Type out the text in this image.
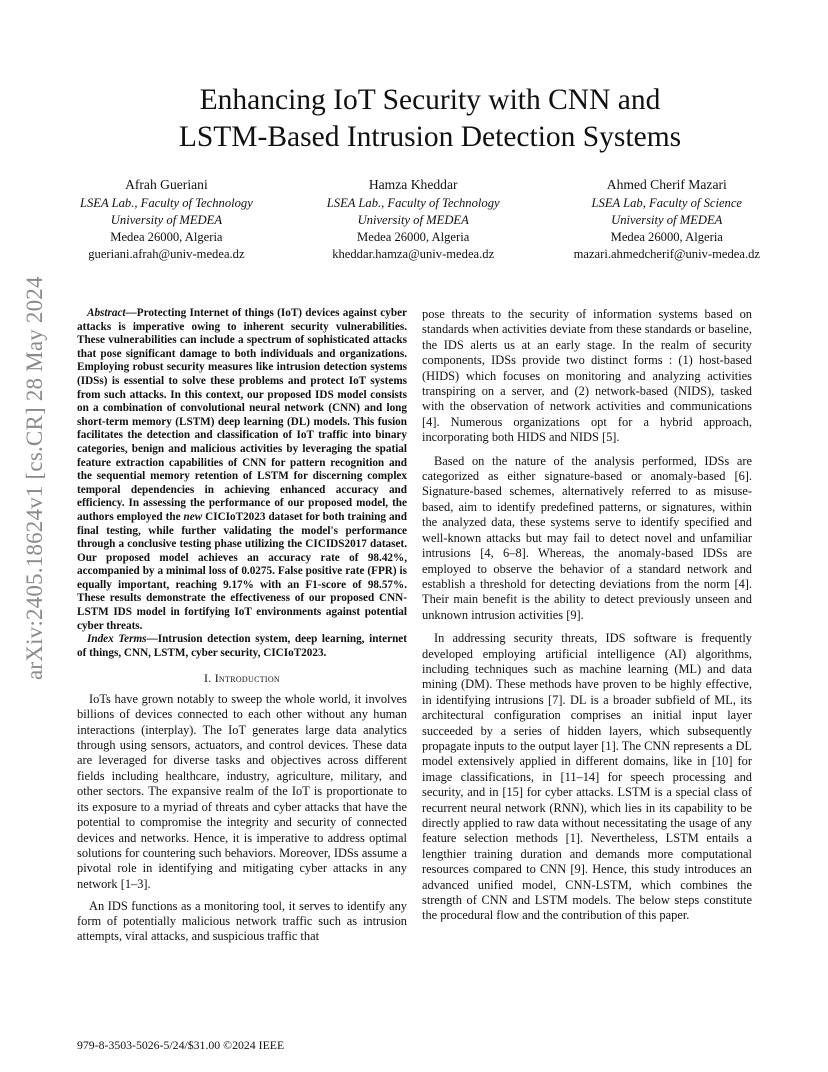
arXiv:2405.18624v1 [cs.CR] 28 May 2024
Enhancing IoT Security with CNN and
LSTM-Based Intrusion Detection Systems
Afrah Gueriani
LSEA Lab., Faculty of Technology
University of MEDEA
Medea 26000, Algeria
gueriani.afrah@univ-medea.dz
Hamza Kheddar
LSEA Lab., Faculty of Technology
University of MEDEA
Medea 26000, Algeria
kheddar.hamza@univ-medea.dz
Ahmed Cherif Mazari
LSEA Lab, Faculty of Science
University of MEDEA
Medea 26000, Algeria
mazari.ahmedcherif@univ-medea.dz

Abstract—Protecting Internet of things (IoT) devices against cyber attacks is imperative owing to inherent security vulnerabilities. These vulnerabilities can include a spectrum of sophisticated attacks that pose significant damage to both individuals and organizations. Employing robust security measures like intrusion detection systems (IDSs) is essential to solve these problems and protect IoT systems from such attacks. In this context, our proposed IDS model consists on a combination of convolutional neural network (CNN) and long short-term memory (LSTM) deep learning (DL) models. This fusion facilitates the detection and classification of IoT traffic into binary categories, benign and malicious activities by leveraging the spatial feature extraction capabilities of CNN for pattern recognition and the sequential memory retention of LSTM for discerning complex temporal dependencies in achieving enhanced accuracy and efficiency. In assessing the performance of our proposed model, the authors employed the new CICIoT2023 dataset for both training and final testing, while further validating the model's performance through a conclusive testing phase utilizing the CICIDS2017 dataset. Our proposed model achieves an accuracy rate of 98.42%, accompanied by a minimal loss of 0.0275. False positive rate (FPR) is equally important, reaching 9.17% with an F1-score of 98.57%. These results demonstrate the effectiveness of our proposed CNN-LSTM IDS model in fortifying IoT environments against potential cyber threats.

Index Terms—Intrusion detection system, deep learning, internet of things, CNN, LSTM, cyber security, CICIoT2023.

I. Introduction

IoTs have grown notably to sweep the whole world, it involves billions of devices connected to each other without any human interactions (interplay). The IoT generates large data analytics through using sensors, actuators, and control devices. These data are leveraged for diverse tasks and objectives across different fields including healthcare, industry, agriculture, military, and other sectors. The expansive realm of the IoT is proportionate to its exposure to a myriad of threats and cyber attacks that have the potential to compromise the integrity and security of connected devices and networks. Hence, it is imperative to address optimal solutions for countering such behaviors. Moreover, IDSs assume a pivotal role in identifying and mitigating cyber attacks in any network [1–3].

An IDS functions as a monitoring tool, it serves to identify any form of potentially malicious network traffic such as intrusion attempts, viral attacks, and suspicious traffic that

pose threats to the security of information systems based on standards when activities deviate from these standards or baseline, the IDS alerts us at an early stage. In the realm of security components, IDSs provide two distinct forms : (1) host-based (HIDS) which focuses on monitoring and analyzing activities transpiring on a server, and (2) network-based (NIDS), tasked with the observation of network activities and communications [4]. Numerous organizations opt for a hybrid approach, incorporating both HIDS and NIDS [5].

Based on the nature of the analysis performed, IDSs are categorized as either signature-based or anomaly-based [6]. Signature-based schemes, alternatively referred to as misuse-based, aim to identify predefined patterns, or signatures, within the analyzed data, these systems serve to identify specified and well-known attacks but may fail to detect novel and unfamiliar intrusions [4, 6–8]. Whereas, the anomaly-based IDSs are employed to observe the behavior of a standard network and establish a threshold for detecting deviations from the norm [4]. Their main benefit is the ability to detect previously unseen and unknown intrusion activities [9].

In addressing security threats, IDS software is frequently developed employing artificial intelligence (AI) algorithms, including techniques such as machine learning (ML) and data mining (DM). These methods have proven to be highly effective, in identifying intrusions [7]. DL is a broader subfield of ML, its architectural configuration comprises an initial input layer succeeded by a series of hidden layers, which subsequently propagate inputs to the output layer [1]. The CNN represents a DL model extensively applied in different domains, like in [10] for image classifications, in [11–14] for speech processing and security, and in [15] for cyber attacks. LSTM is a special class of recurrent neural network (RNN), which lies in its capability to be directly applied to raw data without necessitating the usage of any feature selection methods [1]. Nevertheless, LSTM entails a lengthier training duration and demands more computational resources compared to CNN [9]. Hence, this study introduces an advanced unified model, CNN-LSTM, which combines the strength of CNN and LSTM models. The below steps constitute the procedural flow and the contribution of this paper.

979-8-3503-5026-5/24/$31.00 ©2024 IEEE
